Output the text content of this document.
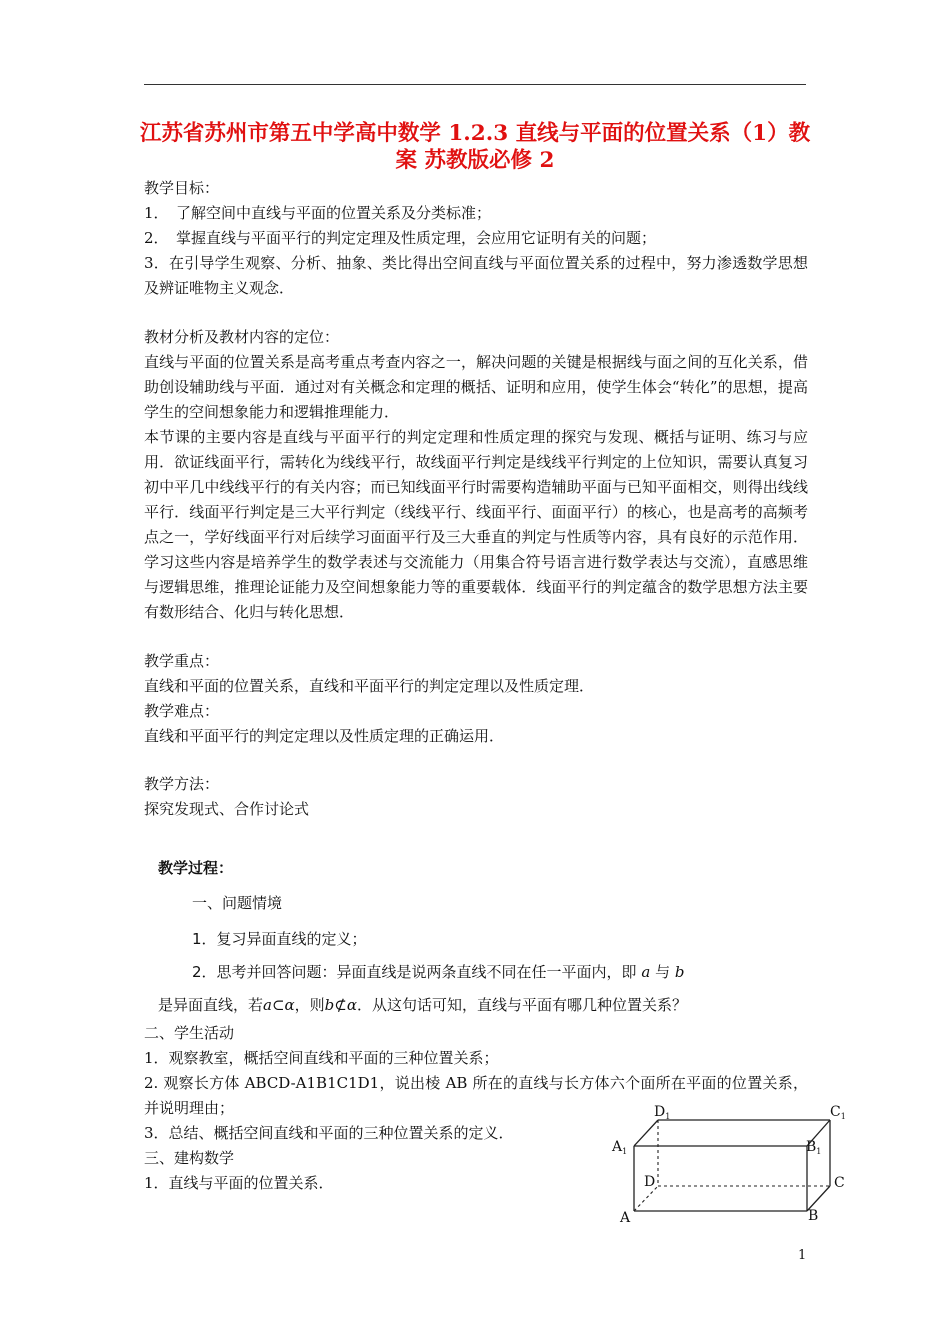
江苏省苏州市第五中学高中数学 1.2.3 直线与平面的位置关系（1）教案 苏教版必修 2

教学目标：

1．　了解空间中直线与平面的位置关系及分类标准；

2．　掌握直线与平面平行的判定定理及性质定理，会应用它证明有关的问题；

3．在引导学生观察、分析、抽象、类比得出空间直线与平面位置关系的过程中，努力渗透数学思想及辨证唯物主义观念．

教材分析及教材内容的定位：

直线与平面的位置关系是高考重点考查内容之一，解决问题的关键是根据线与面之间的互化关系，借助创设辅助线与平面．通过对有关概念和定理的概括、证明和应用，使学生体会“转化”的思想，提高学生的空间想象能力和逻辑推理能力．

本节课的主要内容是直线与平面平行的判定定理和性质定理的探究与发现、概括与证明、练习与应用．欲证线面平行，需转化为线线平行，故线面平行判定是线线平行判定的上位知识，需要认真复习初中平几中线线平行的有关内容；而已知线面平行时需要构造辅助平面与已知平面相交，则得出线线平行．线面平行判定是三大平行判定（线线平行、线面平行、面面平行）的核心，也是高考的高频考点之一，学好线面平行对后续学习面面平行及三大垂直的判定与性质等内容，具有良好的示范作用．学习这些内容是培养学生的数学表述与交流能力（用集合符号语言进行数学表达与交流），直感思维与逻辑思维，推理论证能力及空间想象能力等的重要载体．线面平行的判定蕴含的数学思想方法主要有数形结合、化归与转化思想．

教学重点：

直线和平面的位置关系，直线和平面平行的判定定理以及性质定理．

教学难点：

直线和平面平行的判定定理以及性质定理的正确运用．

教学方法：

探究发现式、合作讨论式

教学过程：
一、问题情境
1．复习异面直线的定义；
2．思考并回答问题：异面直线是说两条直线不同在任一平面内，即 a 与 b
是异面直线，若a⊂α，则b⊄α．从这句话可知，直线与平面有哪几种位置关系？

二、学生活动

1．观察教室，概括空间直线和平面的三种位置关系；

2. 观察长方体 ABCD-A1B1C1D1，说出棱 AB 所在的直线与长方体六个面所在平面的位置关系，并说明理由；

3．总结、概括空间直线和平面的三种位置关系的定义．

三、建构数学

1．直线与平面的位置关系．

$D_1$	$C_1$
$A_1$	$B_1$
D	C
A	B
1
